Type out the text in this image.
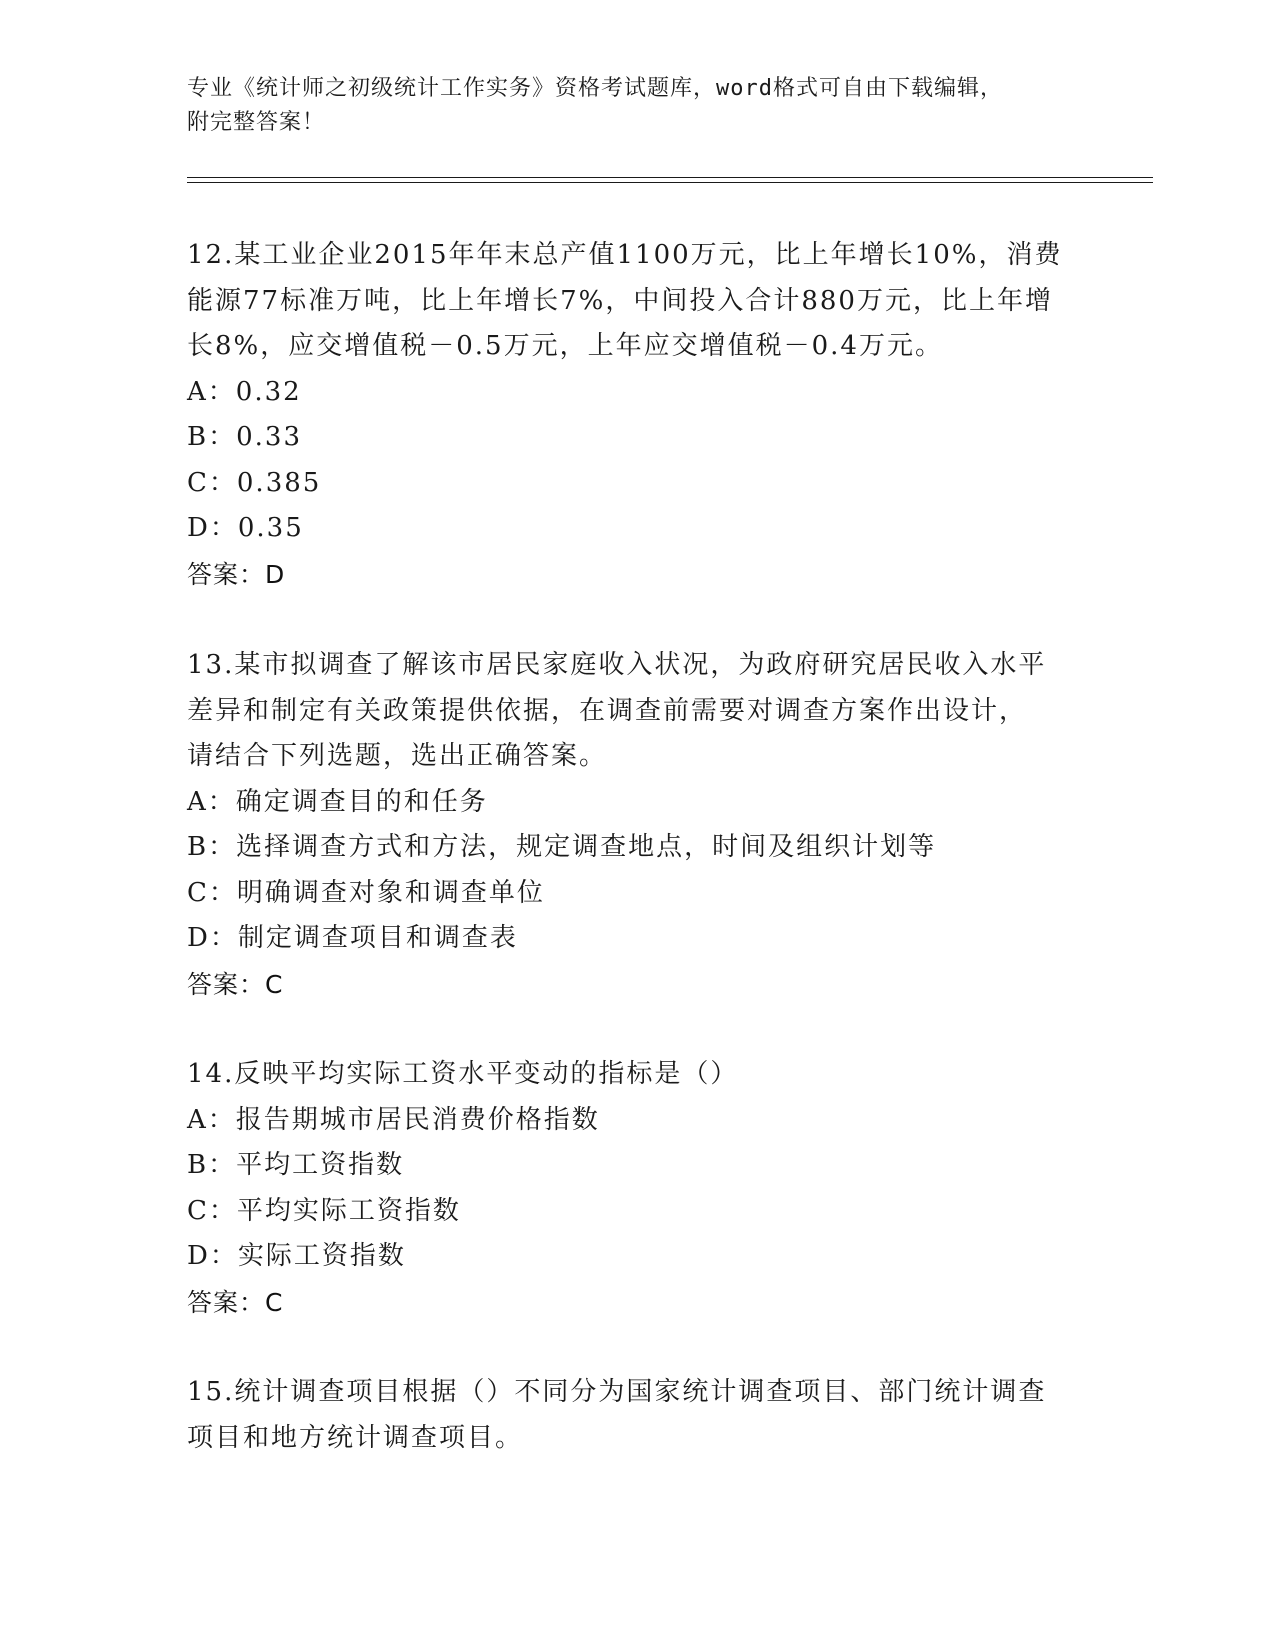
专业《统计师之初级统计工作实务》资格考试题库，word格式可自由下载编辑，
附完整答案！

12.某工业企业2015年年末总产值1100万元，比上年增长10%，消费
能源77标准万吨，比上年增长7%，中间投入合计880万元，比上年增
长8%，应交增值税－0.5万元，上年应交增值税－0.4万元。

A：0.32

B：0.33

C：0.385

D：0.35

答案：D

13.某市拟调查了解该市居民家庭收入状况，为政府研究居民收入水平
差异和制定有关政策提供依据，在调查前需要对调查方案作出设计，
请结合下列选题，选出正确答案。

A：确定调查目的和任务

B：选择调查方式和方法，规定调查地点，时间及组织计划等

C：明确调查对象和调查单位

D：制定调查项目和调查表

答案：C

14.反映平均实际工资水平变动的指标是（）

A：报告期城市居民消费价格指数

B：平均工资指数

C：平均实际工资指数

D：实际工资指数

答案：C

15.统计调查项目根据（）不同分为国家统计调查项目、部门统计调查
项目和地方统计调查项目。
